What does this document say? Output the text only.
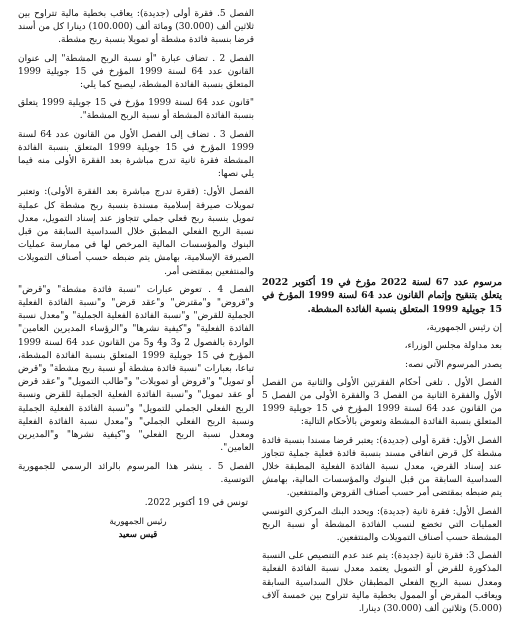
الفصل 5. فقرة أولى (جديدة): يعاقب بخطية مالية تتراوح بين ثلاثين ألف (30.000) ومائة ألف (100.000) دينارا كل من أسند قرضا بنسبة فائدة مشطة أو تمويلا بنسبة ربح مشطة.

الفصل 2 . تضاف عبارة "أو نسبة الربح المشطة" إلى عنوان القانون عدد 64 لسنة 1999 المؤرخ في 15 جويلية 1999 المتعلق بنسبة الفائدة المشطة، ليصبح كما يلي:

"قانون عدد 64 لسنة 1999 مؤرخ في 15 جويلية 1999 يتعلق بنسبة الفائدة المشطة أو نسبة الربح المشطة".

الفصل 3 . تضاف إلى الفصل الأول من القانون عدد 64 لسنة 1999 المؤرخ في 15 جويلية 1999 المتعلق بنسبة الفائدة المشطة فقرة ثانية تدرج مباشرة بعد الفقرة الأولى منه فيما يلي نصها:

الفصل الأول: (فقرة تدرج مباشرة بعد الفقرة الأولى): وتعتبر تمويلات صيرفة إسلامية مسندة بنسبة ربح مشطة كل عملية تمويل بنسبة ربح فعلي جملي تتجاوز عند إسناد التمويل، معدل نسبة الربح الفعلي المطبق خلال السداسية السابقة من قبل البنوك والمؤسسات المالية المرخص لها في ممارسة عمليات الصيرفة الإسلامية، بهامش يتم ضبطه حسب أصناف التمويلات والمنتفعين بمقتضى أمر.

الفصل 4 . تعوض عبارات "نسبة فائدة مشطة" و"قرض" و"قروض" و"مقترض" و"عقد قرض" و"نسبة الفائدة الفعلية الجملية للقرض" و"نسبة الفائدة الفعلية الجملية" و"معدل نسبة الفائدة الفعلية" و"كيفية نشرها" و"الرؤساء المديرين العامين" الواردة بالفصول 2 و3 و4 و5 من القانون عدد 64 لسنة 1999 المؤرخ في 15 جويلية 1999 المتعلق بنسبة الفائدة المشطة، تباعا، بعبارات "نسبة فائدة مشطة أو نسبة ربح مشطة" و"قرض أو تمويل" و"قروض أو تمويلات" و"طالب التمويل" و"عقد قرض أو عقد تمويل" و"نسبة الفائدة الفعلية الجملية للقرض ونسبة الربح الفعلي الجملي للتمويل" و"نسبة الفائدة الفعلية الجملية ونسبة الربح الفعلي الجملي" و"معدل نسبة الفائدة الفعلية ومعدل نسبة الربح الفعلي" و"كيفية نشرها" و"المديرين العامين".

الفصل 5 . ينشر هذا المرسوم بالرائد الرسمي للجمهورية التونسية.

تونس في 19 أكتوبر 2022.

رئيس الجمهورية
قيس سعيد

مرسوم عدد 67 لسنة 2022 مؤرخ في 19 أكتوبر 2022 يتعلق بتنقيح وإتمام القانون عدد 64 لسنة 1999 المؤرخ في 15 جويلية 1999 المتعلق بنسبة الفائدة المشطة.

إن رئيس الجمهورية،

بعد مداولة مجلس الوزراء،

يصدر المرسوم الآتي نصه:

الفصل الأول . تلغى أحكام الفقرتين الأولى والثانية من الفصل الأول والفقرة الثانية من الفصل 3 والفقرة الأولى من الفصل 5 من القانون عدد 64 لسنة 1999 المؤرخ في 15 جويلية 1999 المتعلق بنسبة الفائدة المشطة وتعوض بالأحكام التالية:

الفصل الأول: فقرة أولى (جديدة): يعتبر قرضا مسندا بنسبة فائدة مشطة كل قرض اتفاقي مسند بنسبة فائدة فعلية جملية تتجاوز عند إسناد القرض، معدل نسبة الفائدة الفعلية المطبقة خلال السداسية السابقة من قبل البنوك والمؤسسات المالية، بهامش يتم ضبطه بمقتضى أمر حسب أصناف القروض والمنتفعين.

الفصل الأول: فقرة ثانية (جديدة): ويحدد البنك المركزي التونسي العمليات التي تخضع لنسب الفائدة المشطة أو نسبة الربح المشطة حسب أصناف التمويلات والمنتفعين.

الفصل 3: فقرة ثانية (جديدة): يتم عند عدم التنصيص على النسبة المذكورة للقرض أو التمويل يعتمد معدل نسبة الفائدة الفعلية ومعدل نسبة الربح الفعلي المطبقان خلال السداسية السابقة ويعاقب المقرض أو الممول بخطية مالية تتراوح بين خمسة آلاف (5.000) وثلاثين ألف (30.000) دينارا.
